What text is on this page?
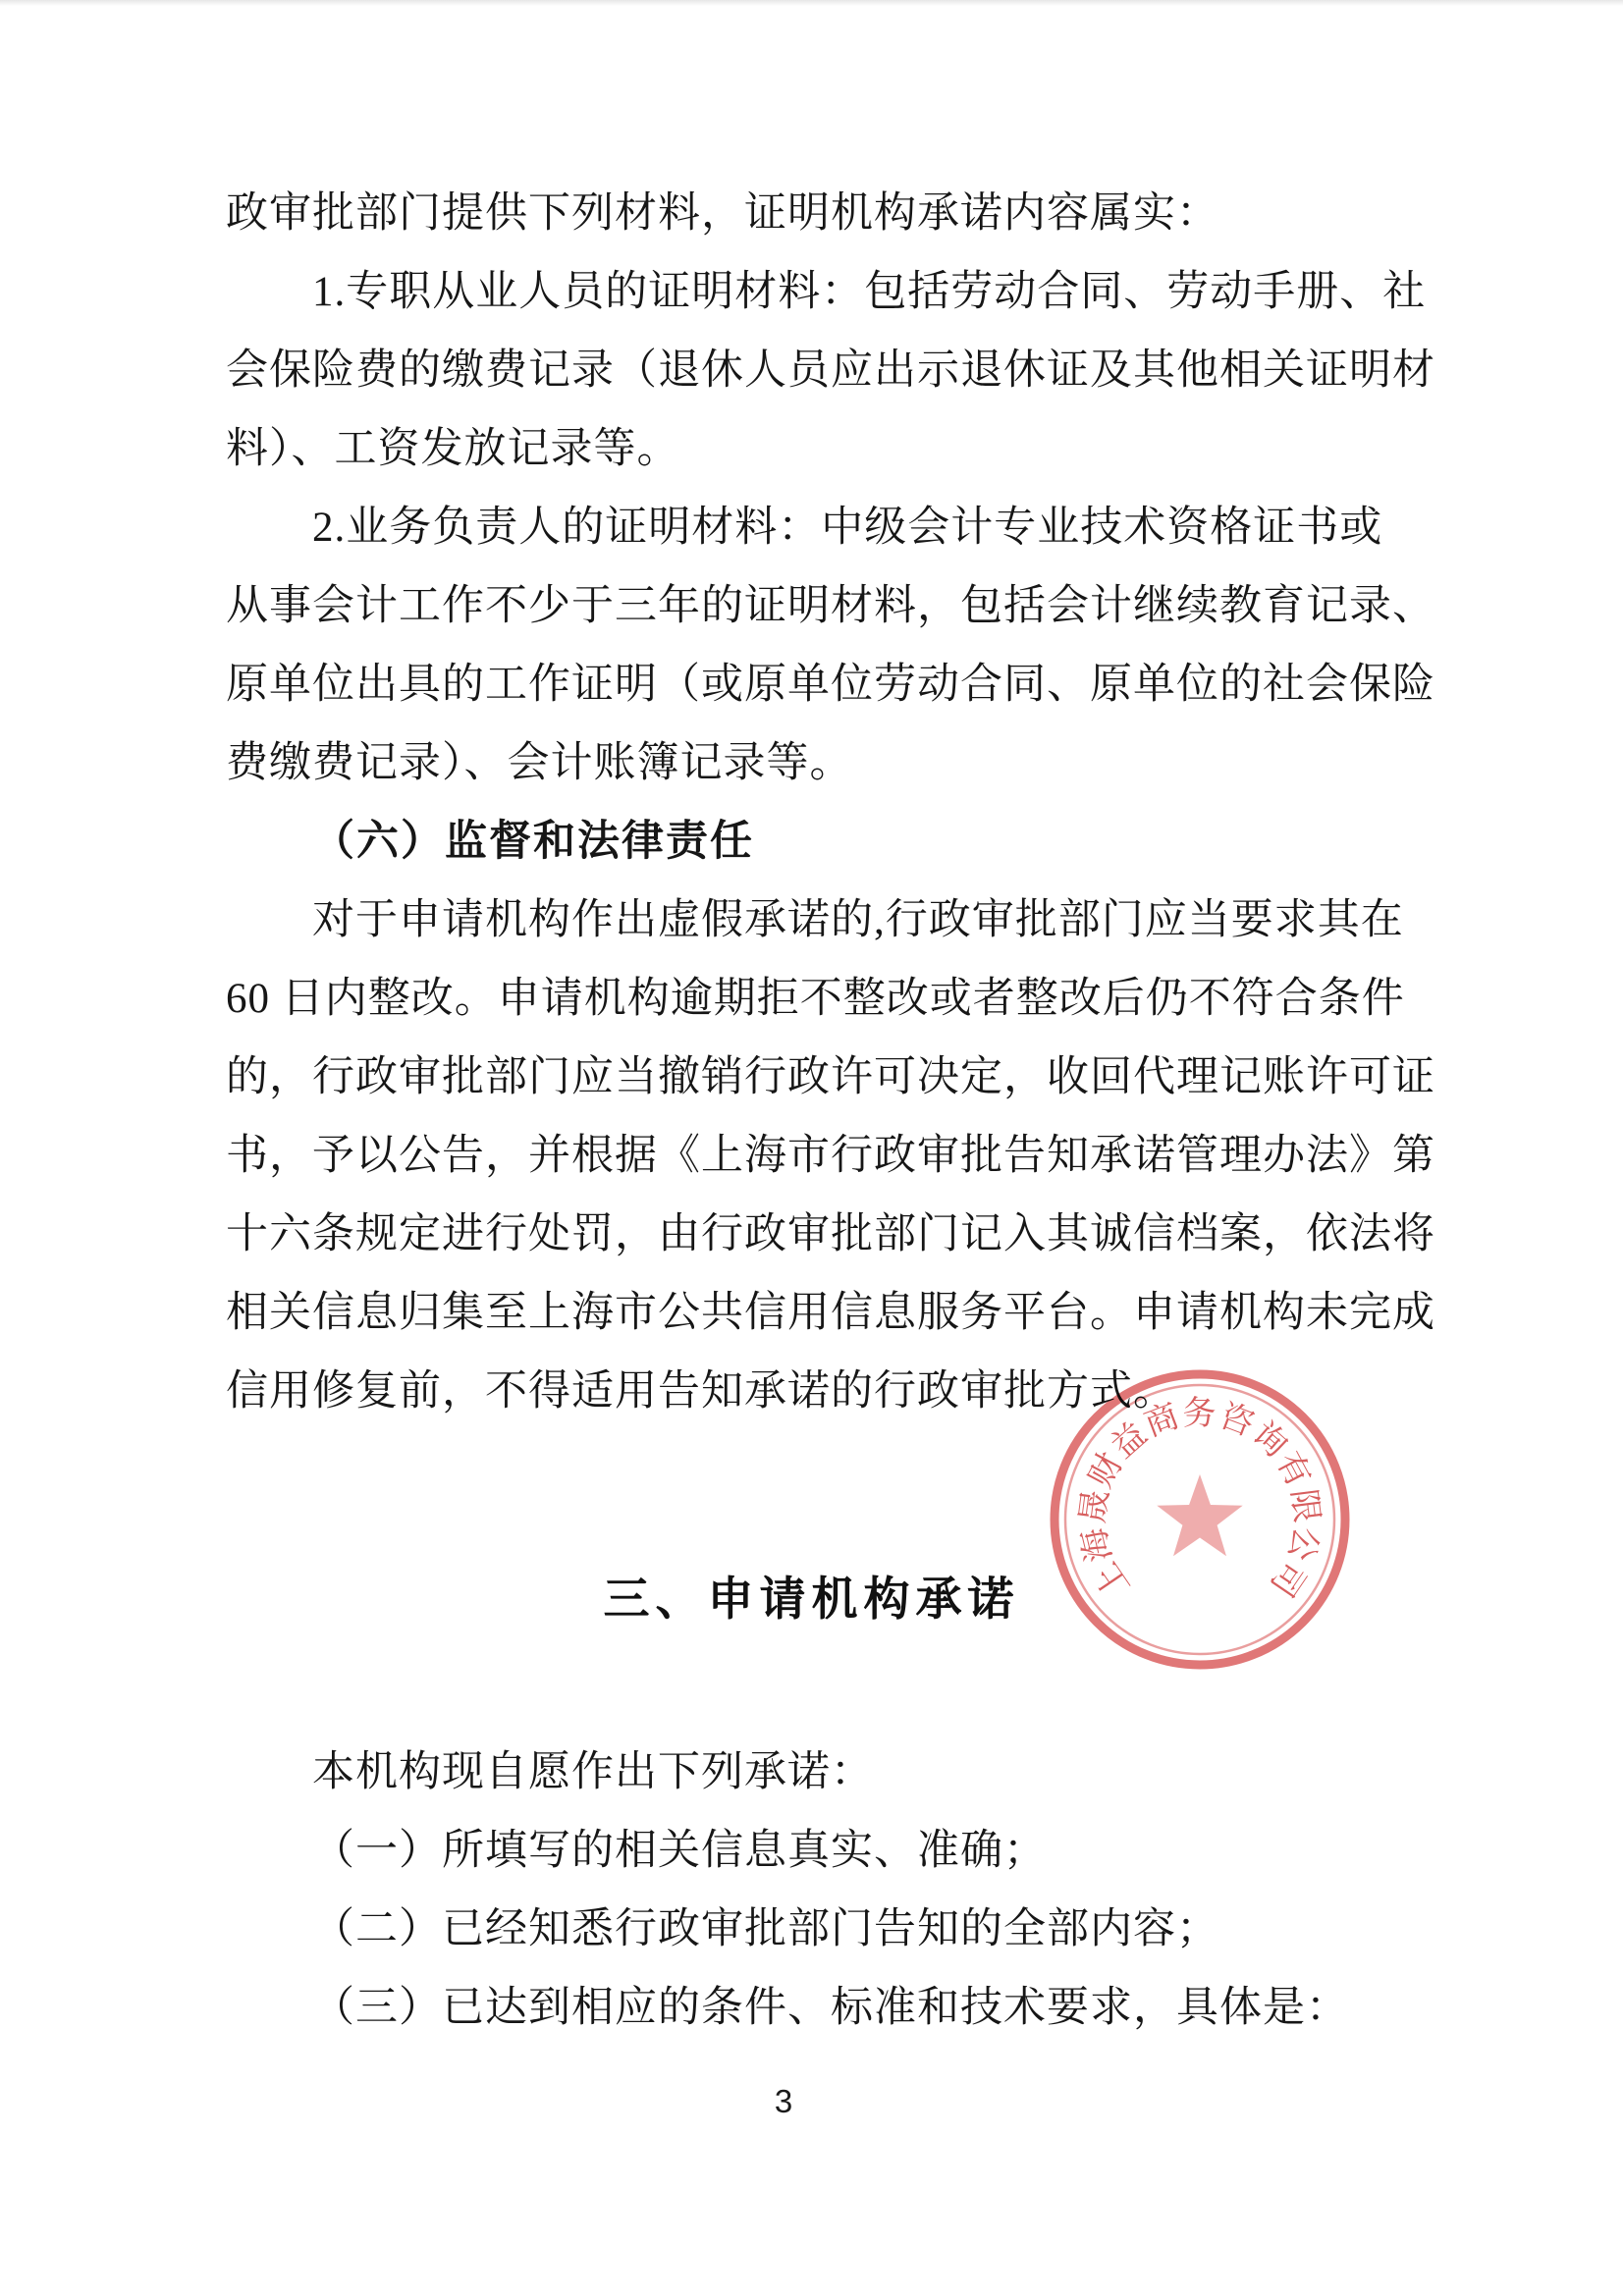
政审批部门提供下列材料，证明机构承诺内容属实：
1.专职从业人员的证明材料：包括劳动合同、劳动手册、社
会保险费的缴费记录（退休人员应出示退休证及其他相关证明材
料）、工资发放记录等。
2.业务负责人的证明材料：中级会计专业技术资格证书或
从事会计工作不少于三年的证明材料，包括会计继续教育记录、
原单位出具的工作证明（或原单位劳动合同、原单位的社会保险
费缴费记录）、会计账簿记录等。
（六）监督和法律责任
对于申请机构作出虚假承诺的,行政审批部门应当要求其在
60 日内整改。申请机构逾期拒不整改或者整改后仍不符合条件
的，行政审批部门应当撤销行政许可决定，收回代理记账许可证
书，予以公告，并根据《上海市行政审批告知承诺管理办法》第
十六条规定进行处罚，由行政审批部门记入其诚信档案，依法将
相关信息归集至上海市公共信用信息服务平台。申请机构未完成
信用修复前，不得适用告知承诺的行政审批方式。
三、申请机构承诺
本机构现自愿作出下列承诺：
（一）所填写的相关信息真实、准确；
（二）已经知悉行政审批部门告知的全部内容；
（三）已达到相应的条件、标准和技术要求，具体是：
上海晟财益商务咨询有限公司
3
